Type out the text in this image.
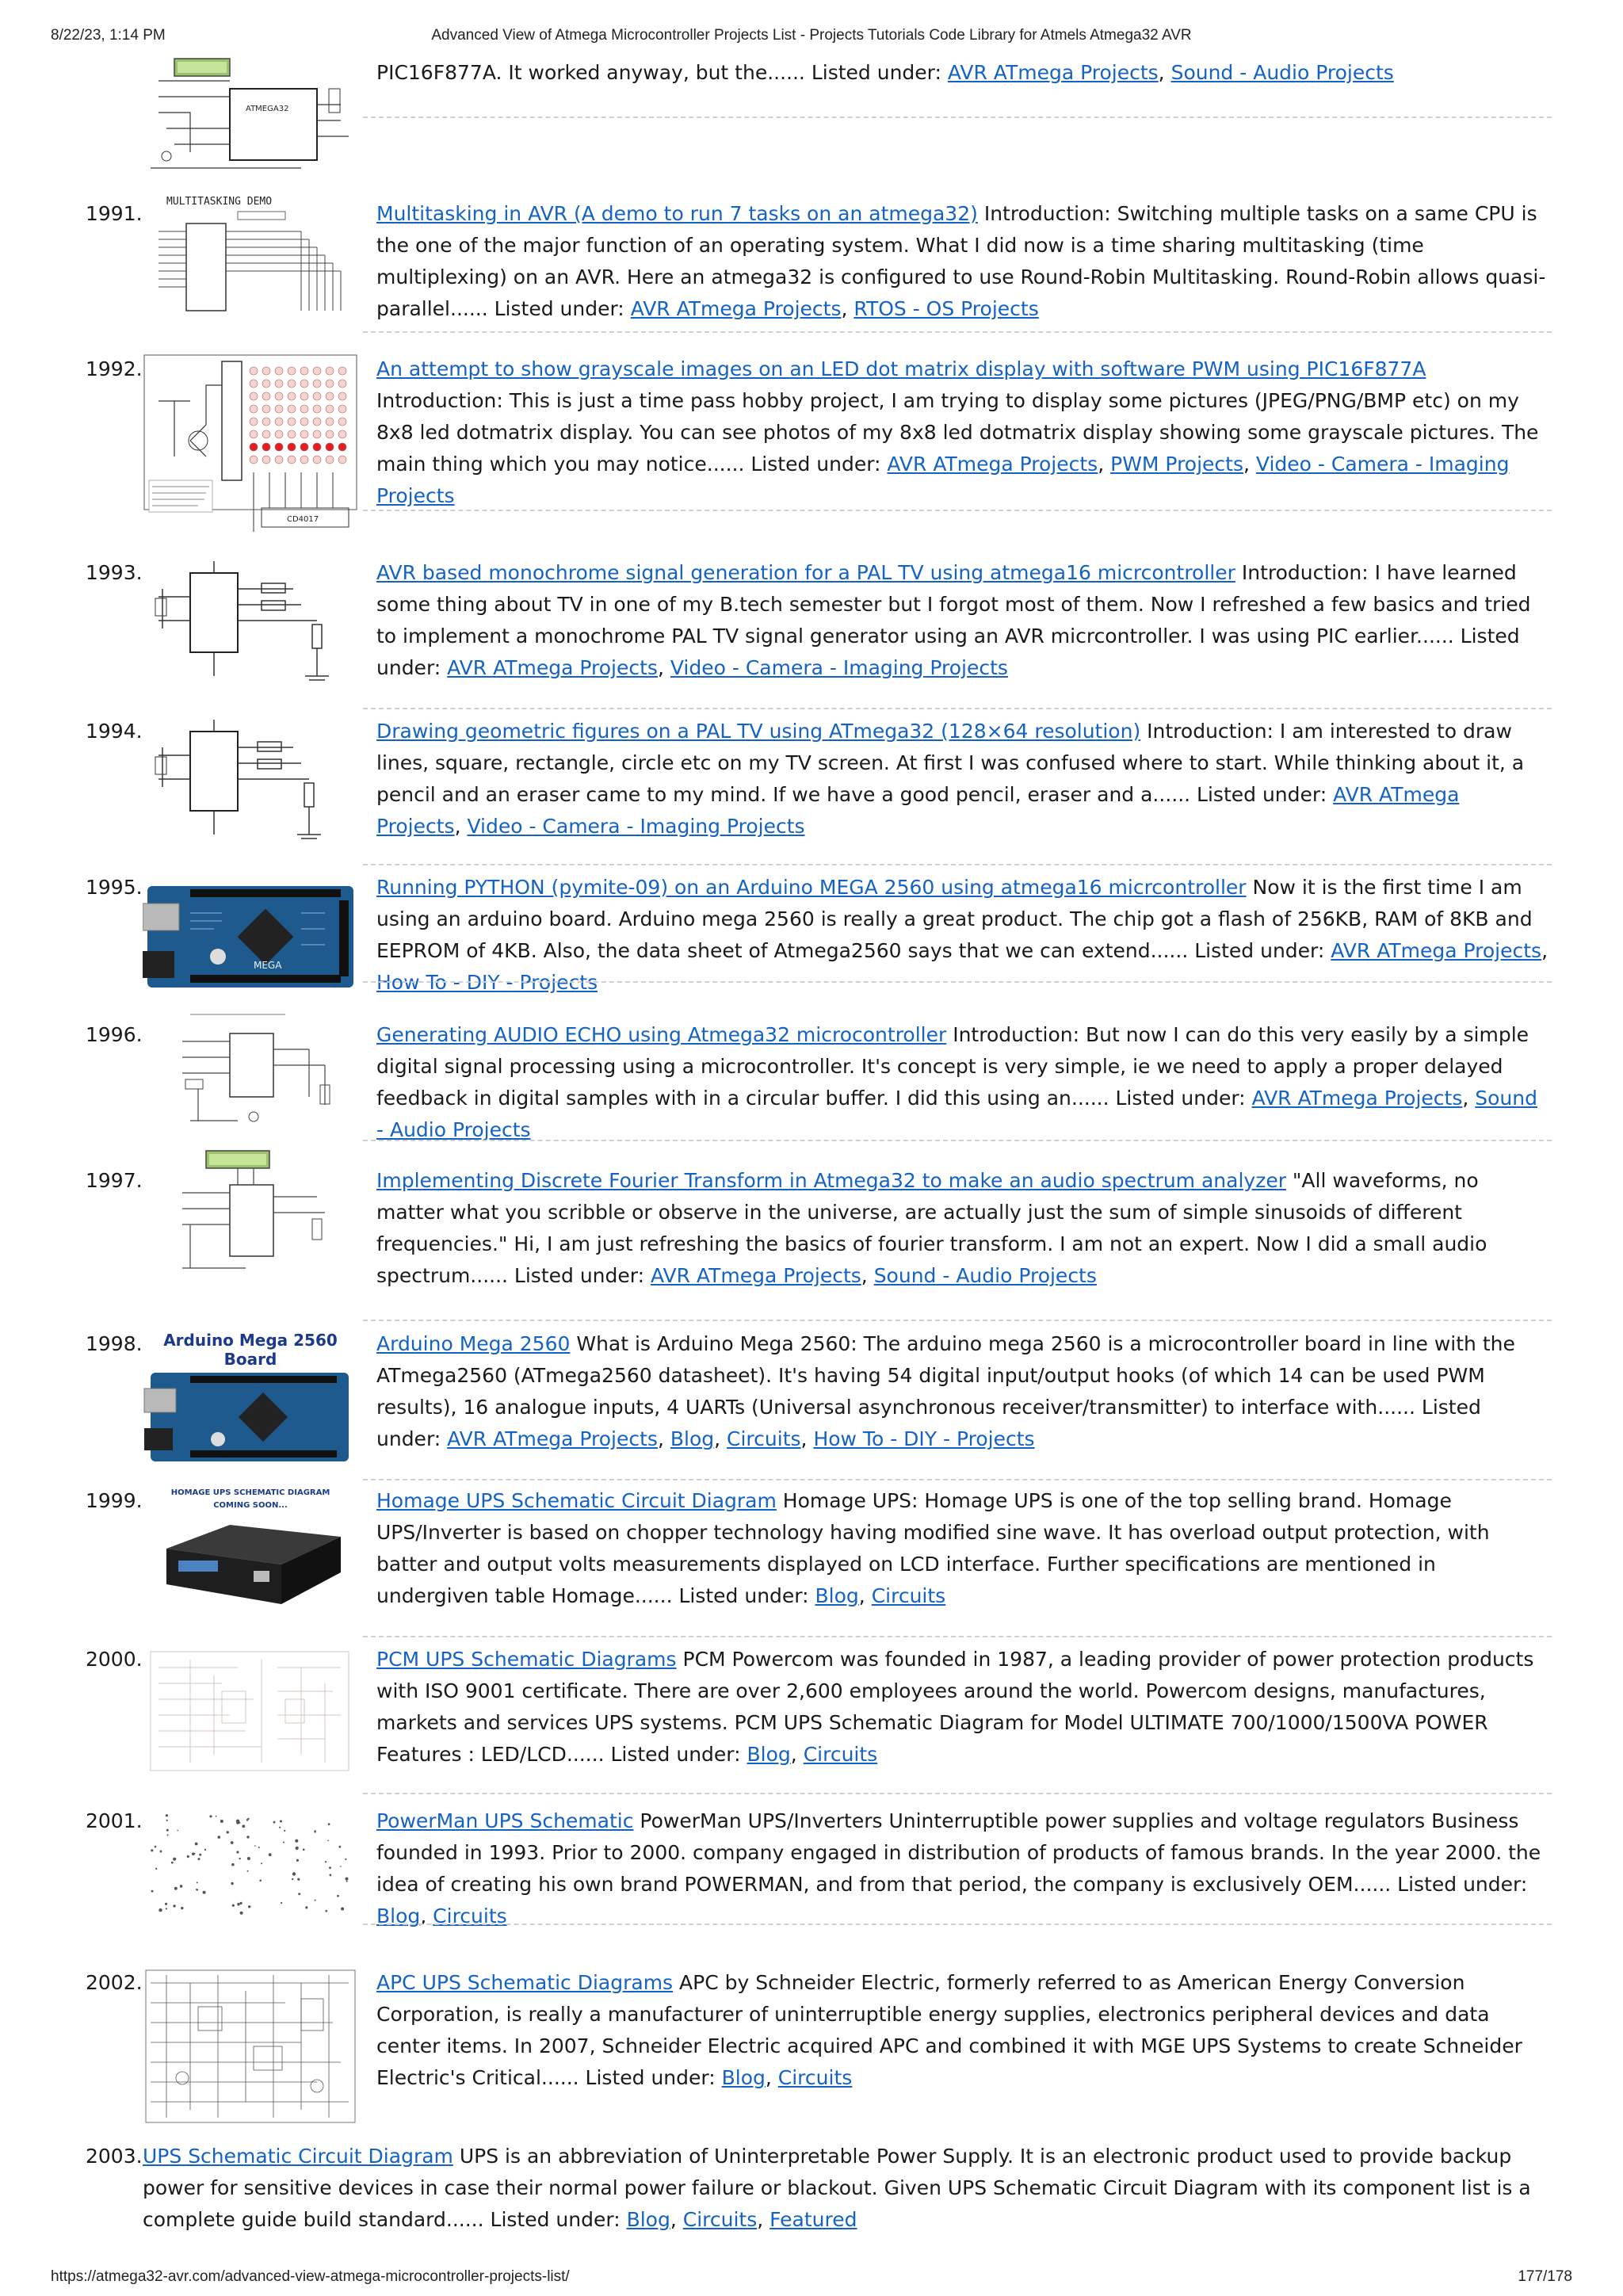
8/22/23, 1:14 PM	Advanced View of Atmega Microcontroller Projects List - Projects Tutorials Code Library for Atmels Atmega32 AVR
ATMEGA32
PIC16F877A. It worked anyway, but the...... Listed under: AVR ATmega Projects, Sound - Audio Projects
1991.
MULTITASKING DEMO
Multitasking in AVR (A demo to run 7 tasks on an atmega32) Introduction: Switching multiple tasks on a same CPU is the one of the major function of an operating system. What I did now is a time sharing multitasking (time multiplexing) on an AVR. Here an atmega32 is configured to use Round-Robin Multitasking. Round-Robin allows quasi-parallel...... Listed under: AVR ATmega Projects, RTOS - OS Projects
1992.
CD4017
An attempt to show grayscale images on an LED dot matrix display with software PWM using PIC16F877A Introduction: This is just a time pass hobby project, I am trying to display some pictures (JPEG/PNG/BMP etc) on my 8x8 led dotmatrix display. You can see photos of my 8x8 led dotmatrix display showing some grayscale pictures. The main thing which you may notice...... Listed under: AVR ATmega Projects, PWM Projects, Video - Camera - Imaging Projects
1993.	AVR based monochrome signal generation for a PAL TV using atmega16 micrcontroller Introduction: I have learned some thing about TV in one of my B.tech semester but I forgot most of them. Now I refreshed a few basics and tried to implement a monochrome PAL TV signal generator using an AVR micrcontroller. I was using PIC earlier...... Listed under: AVR ATmega Projects, Video - Camera - Imaging Projects
1994.	Drawing geometric figures on a PAL TV using ATmega32 (128×64 resolution) Introduction: I am interested to draw lines, square, rectangle, circle etc on my TV screen. At first I was confused where to start. While thinking about it, a pencil and an eraser came to my mind. If we have a good pencil, eraser and a...... Listed under: AVR ATmega Projects, Video - Camera - Imaging Projects
1995.
MEGA
Running PYTHON (pymite-09) on an Arduino MEGA 2560 using atmega16 micrcontroller Now it is the first time I am using an arduino board. Arduino mega 2560 is really a great product. The chip got a flash of 256KB, RAM of 8KB and EEPROM of 4KB. Also, the data sheet of Atmega2560 says that we can extend...... Listed under: AVR ATmega Projects, How To - DIY - Projects
1996.	Generating AUDIO ECHO using Atmega32 microcontroller Introduction: But now I can do this very easily by a simple digital signal processing using a microcontroller. It's concept is very simple, ie we need to apply a proper delayed feedback in digital samples with in a circular buffer. I did this using an...... Listed under: AVR ATmega Projects, Sound - Audio Projects
1997.	Implementing Discrete Fourier Transform in Atmega32 to make an audio spectrum analyzer "All waveforms, no matter what you scribble or observe in the universe, are actually just the sum of simple sinusoids of different frequencies." Hi, I am just refreshing the basics of fourier transform. I am not an expert. Now I did a small audio spectrum...... Listed under: AVR ATmega Projects, Sound - Audio Projects
1998.	Arduino Mega 2560
Board
Arduino Mega 2560 What is Arduino Mega 2560: The arduino mega 2560 is a microcontroller board in line with the ATmega2560 (ATmega2560 datasheet). It's having 54 digital input/output hooks (of which 14 can be used PWM results), 16 analogue inputs, 4 UARTs (Universal asynchronous receiver/transmitter) to interface with...... Listed under: AVR ATmega Projects, Blog, Circuits, How To - DIY - Projects
1999.	HOMAGE UPS SCHEMATIC DIAGRAM
COMING SOON...	Homage UPS Schematic Circuit Diagram Homage UPS: Homage UPS is one of the top selling brand. Homage UPS/Inverter is based on chopper technology having modified sine wave. It has overload output protection, with batter and output volts measurements displayed on LCD interface. Further specifications are mentioned in undergiven table Homage...... Listed under: Blog, Circuits
2000.	PCM UPS Schematic Diagrams PCM Powercom was founded in 1987, a leading provider of power protection products with ISO 9001 certificate. There are over 2,600 employees around the world. Powercom designs, manufactures, markets and services UPS systems. PCM UPS Schematic Diagram for Model ULTIMATE 700/1000/1500VA POWER Features : LED/LCD...... Listed under: Blog, Circuits
2001.	PowerMan UPS Schematic PowerMan UPS/Inverters Uninterruptible power supplies and voltage regulators Business founded in 1993. Prior to 2000. company engaged in distribution of products of famous brands. In the year 2000. the idea of creating his own brand POWERMAN, and from that period, the company is exclusively OEM...... Listed under: Blog, Circuits
2002.	APC UPS Schematic Diagrams APC by Schneider Electric, formerly referred to as American Energy Conversion Corporation, is really a manufacturer of uninterruptible energy supplies, electronics peripheral devices and data center items. In 2007, Schneider Electric acquired APC and combined it with MGE UPS Systems to create Schneider Electric's Critical...... Listed under: Blog, Circuits
2003. UPS Schematic Circuit Diagram UPS is an abbreviation of Uninterpretable Power Supply. It is an electronic product used to provide backup power for sensitive devices in case their normal power failure or blackout. Given UPS Schematic Circuit Diagram with its component list is a complete guide build standard...... Listed under: Blog, Circuits, Featured
https://atmega32-avr.com/advanced-view-atmega-microcontroller-projects-list/	177/178
